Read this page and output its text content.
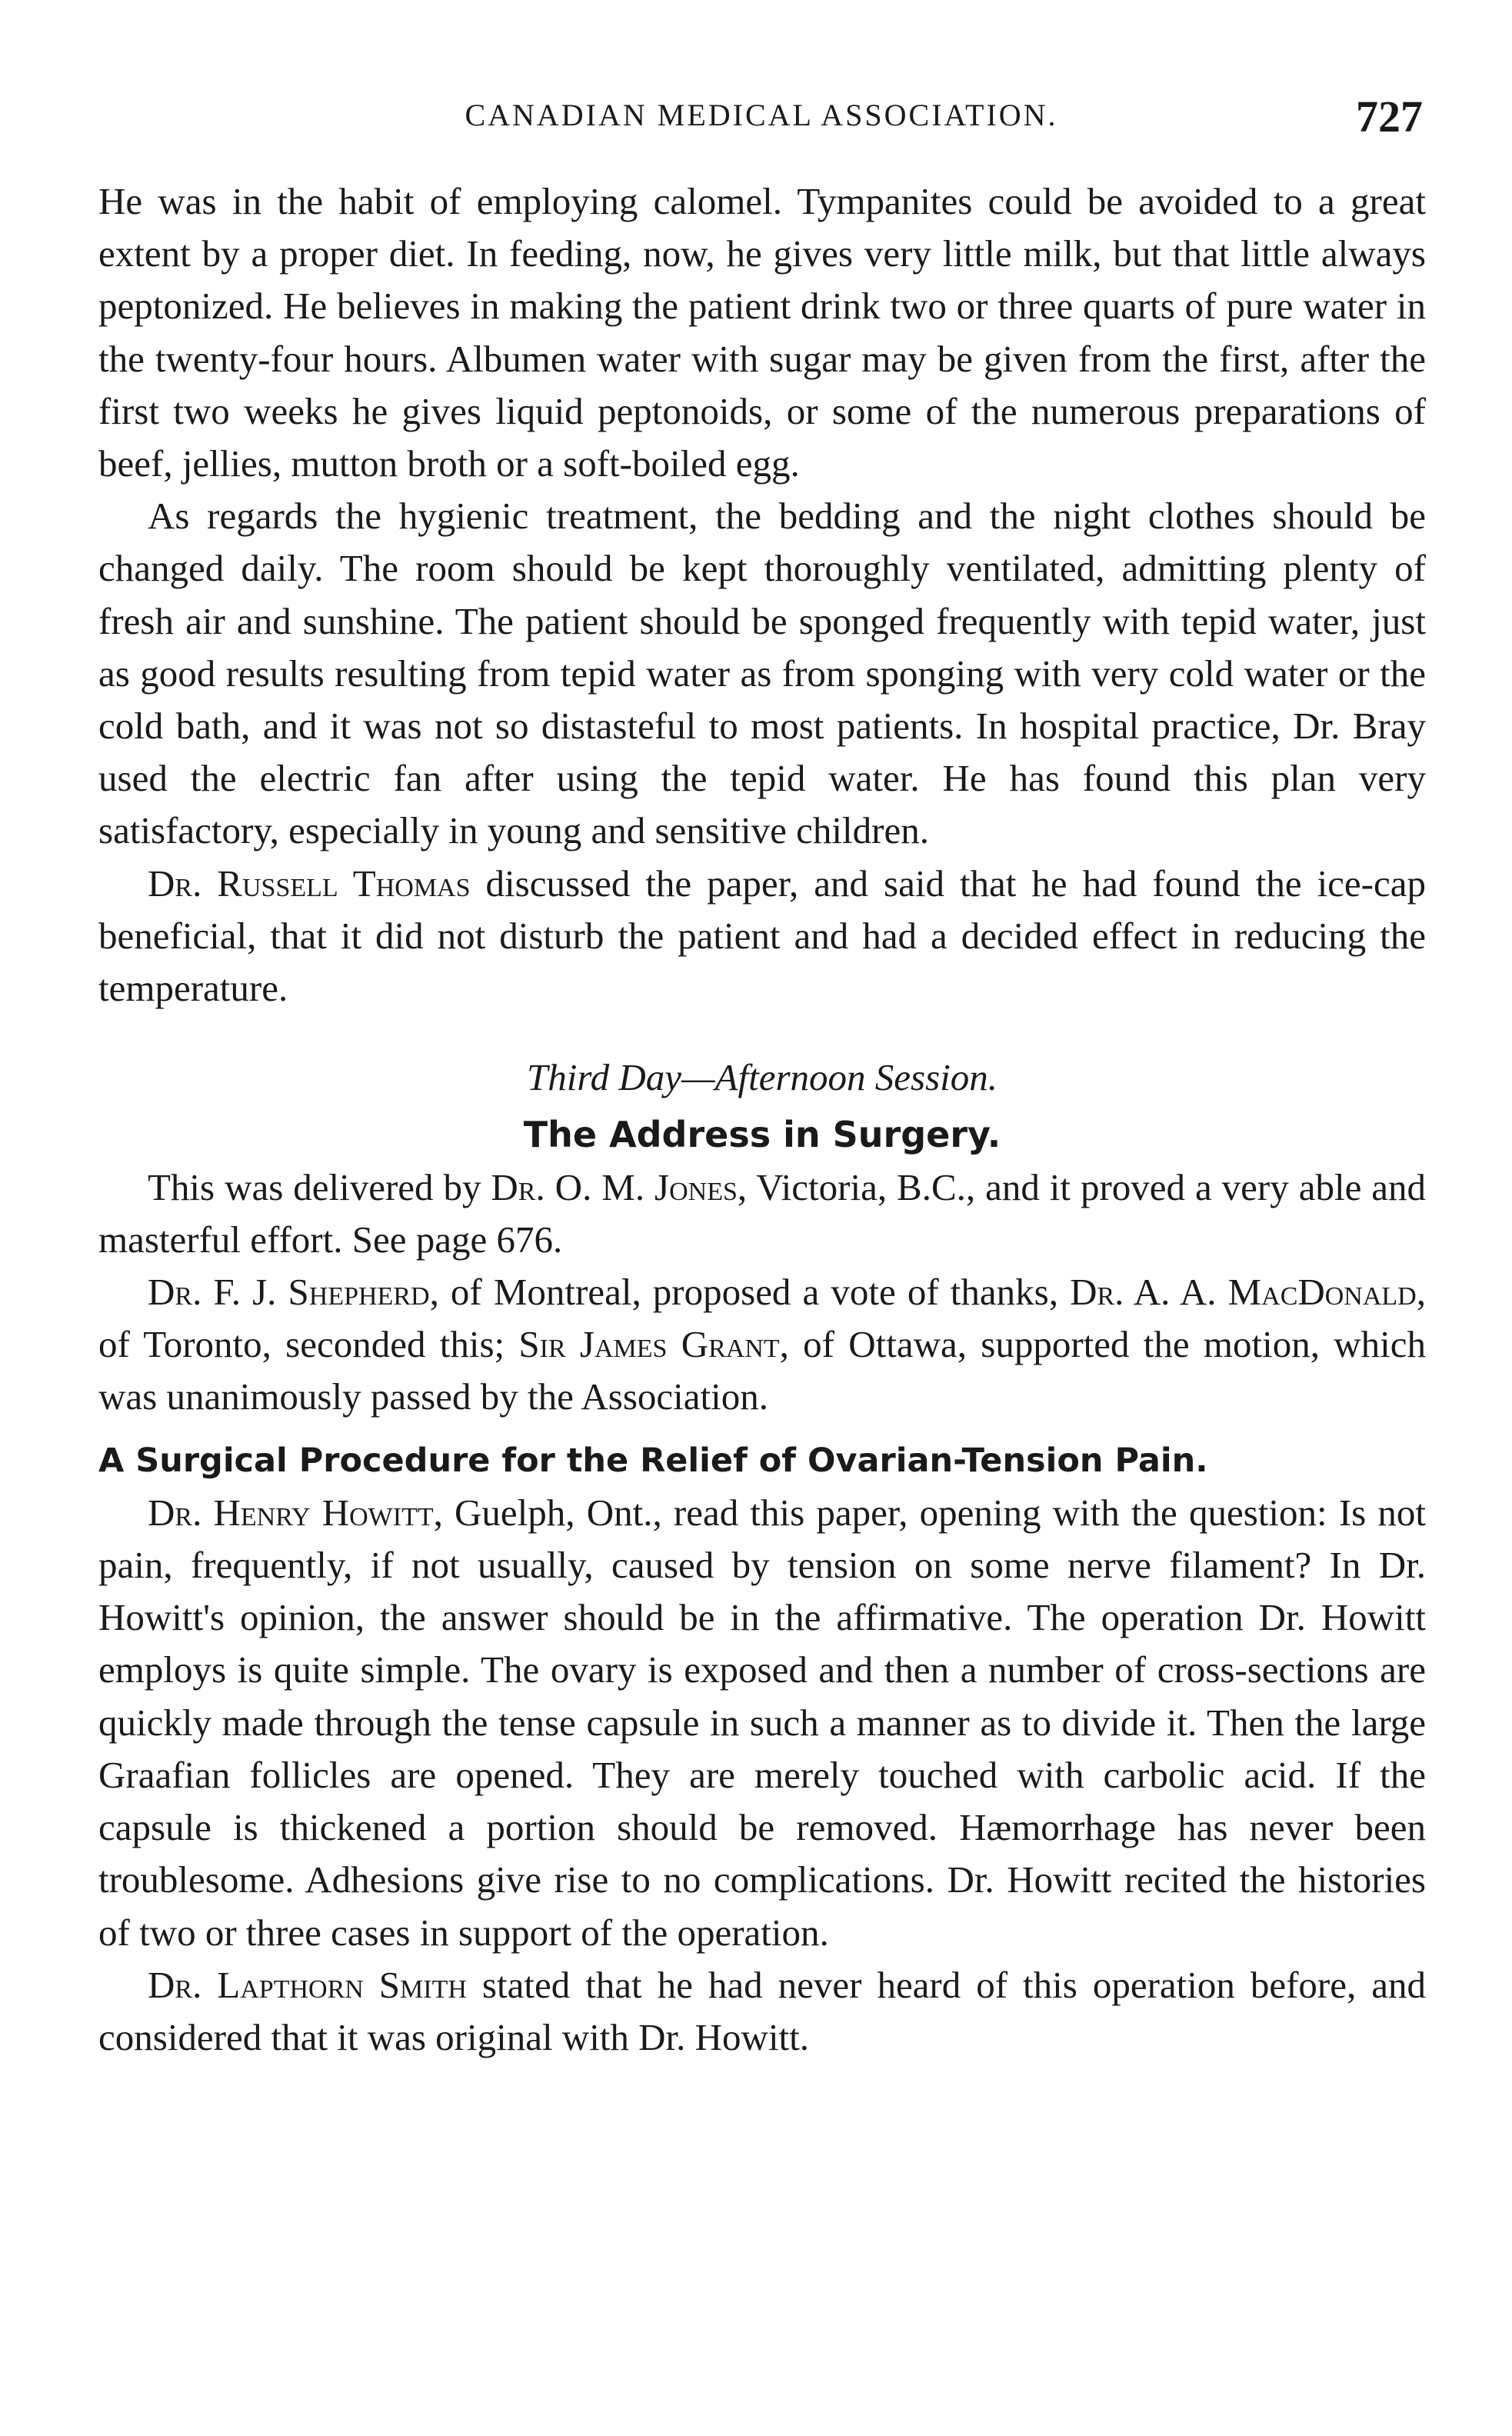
CANADIAN MEDICAL ASSOCIATION.	727

He was in the habit of employing calomel. Tympanites could be avoided to a great extent by a proper diet. In feeding, now, he gives very little milk, but that little always peptonized. He believes in making the patient drink two or three quarts of pure water in the twenty-four hours. Albumen water with sugar may be given from the first, after the first two weeks he gives liquid peptonoids, or some of the numerous preparations of beef, jellies, mutton broth or a soft-boiled egg.

As regards the hygienic treatment, the bedding and the night clothes should be changed daily. The room should be kept thoroughly ventilated, admitting plenty of fresh air and sunshine. The patient should be sponged frequently with tepid water, just as good results resulting from tepid water as from sponging with very cold water or the cold bath, and it was not so distasteful to most patients. In hospital practice, Dr. Bray used the electric fan after using the tepid water. He has found this plan very satisfactory, especially in young and sensitive children.

Dr. Russell Thomas discussed the paper, and said that he had found the ice-cap beneficial, that it did not disturb the patient and had a decided effect in reducing the temperature.

Third Day—Afternoon Session.

The Address in Surgery.

This was delivered by Dr. O. M. Jones, Victoria, B.C., and it proved a very able and masterful effort. See page 676.

Dr. F. J. Shepherd, of Montreal, proposed a vote of thanks, Dr. A. A. MacDonald, of Toronto, seconded this; Sir James Grant, of Ottawa, supported the motion, which was unanimously passed by the Association.

A Surgical Procedure for the Relief of Ovarian-Tension Pain.

Dr. Henry Howitt, Guelph, Ont., read this paper, opening with the question: Is not pain, frequently, if not usually, caused by tension on some nerve filament? In Dr. Howitt's opinion, the answer should be in the affirmative. The operation Dr. Howitt employs is quite simple. The ovary is exposed and then a number of cross-sections are quickly made through the tense capsule in such a manner as to divide it. Then the large Graafian follicles are opened. They are merely touched with carbolic acid. If the capsule is thickened a portion should be removed. Hæmorrhage has never been troublesome. Adhesions give rise to no complications. Dr. Howitt recited the histories of two or three cases in support of the operation.

Dr. Lapthorn Smith stated that he had never heard of this operation before, and considered that it was original with Dr. Howitt.
